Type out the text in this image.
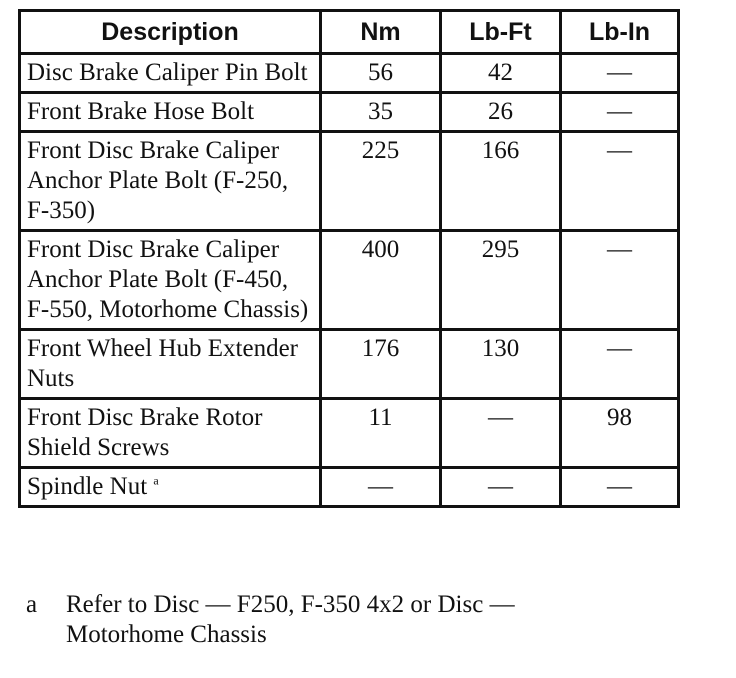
Description	Nm	Lb-Ft	Lb-In
Disc Brake Caliper Pin Bolt	56	42	—
Front Brake Hose Bolt	35	26	—
Front Disc Brake Caliper Anchor Plate Bolt (F-250, F-350)	225	166	—
Front Disc Brake Caliper Anchor Plate Bolt (F-450, F-550, Motorhome Chassis)	400	295	—
Front Wheel Hub Extender Nuts	176	130	—
Front Disc Brake Rotor Shield Screws	11	—	98
Spindle Nut $^a$	—	—	—
a	Refer to Disc — F250, F-350 4x2 or Disc — Motorhome Chassis
